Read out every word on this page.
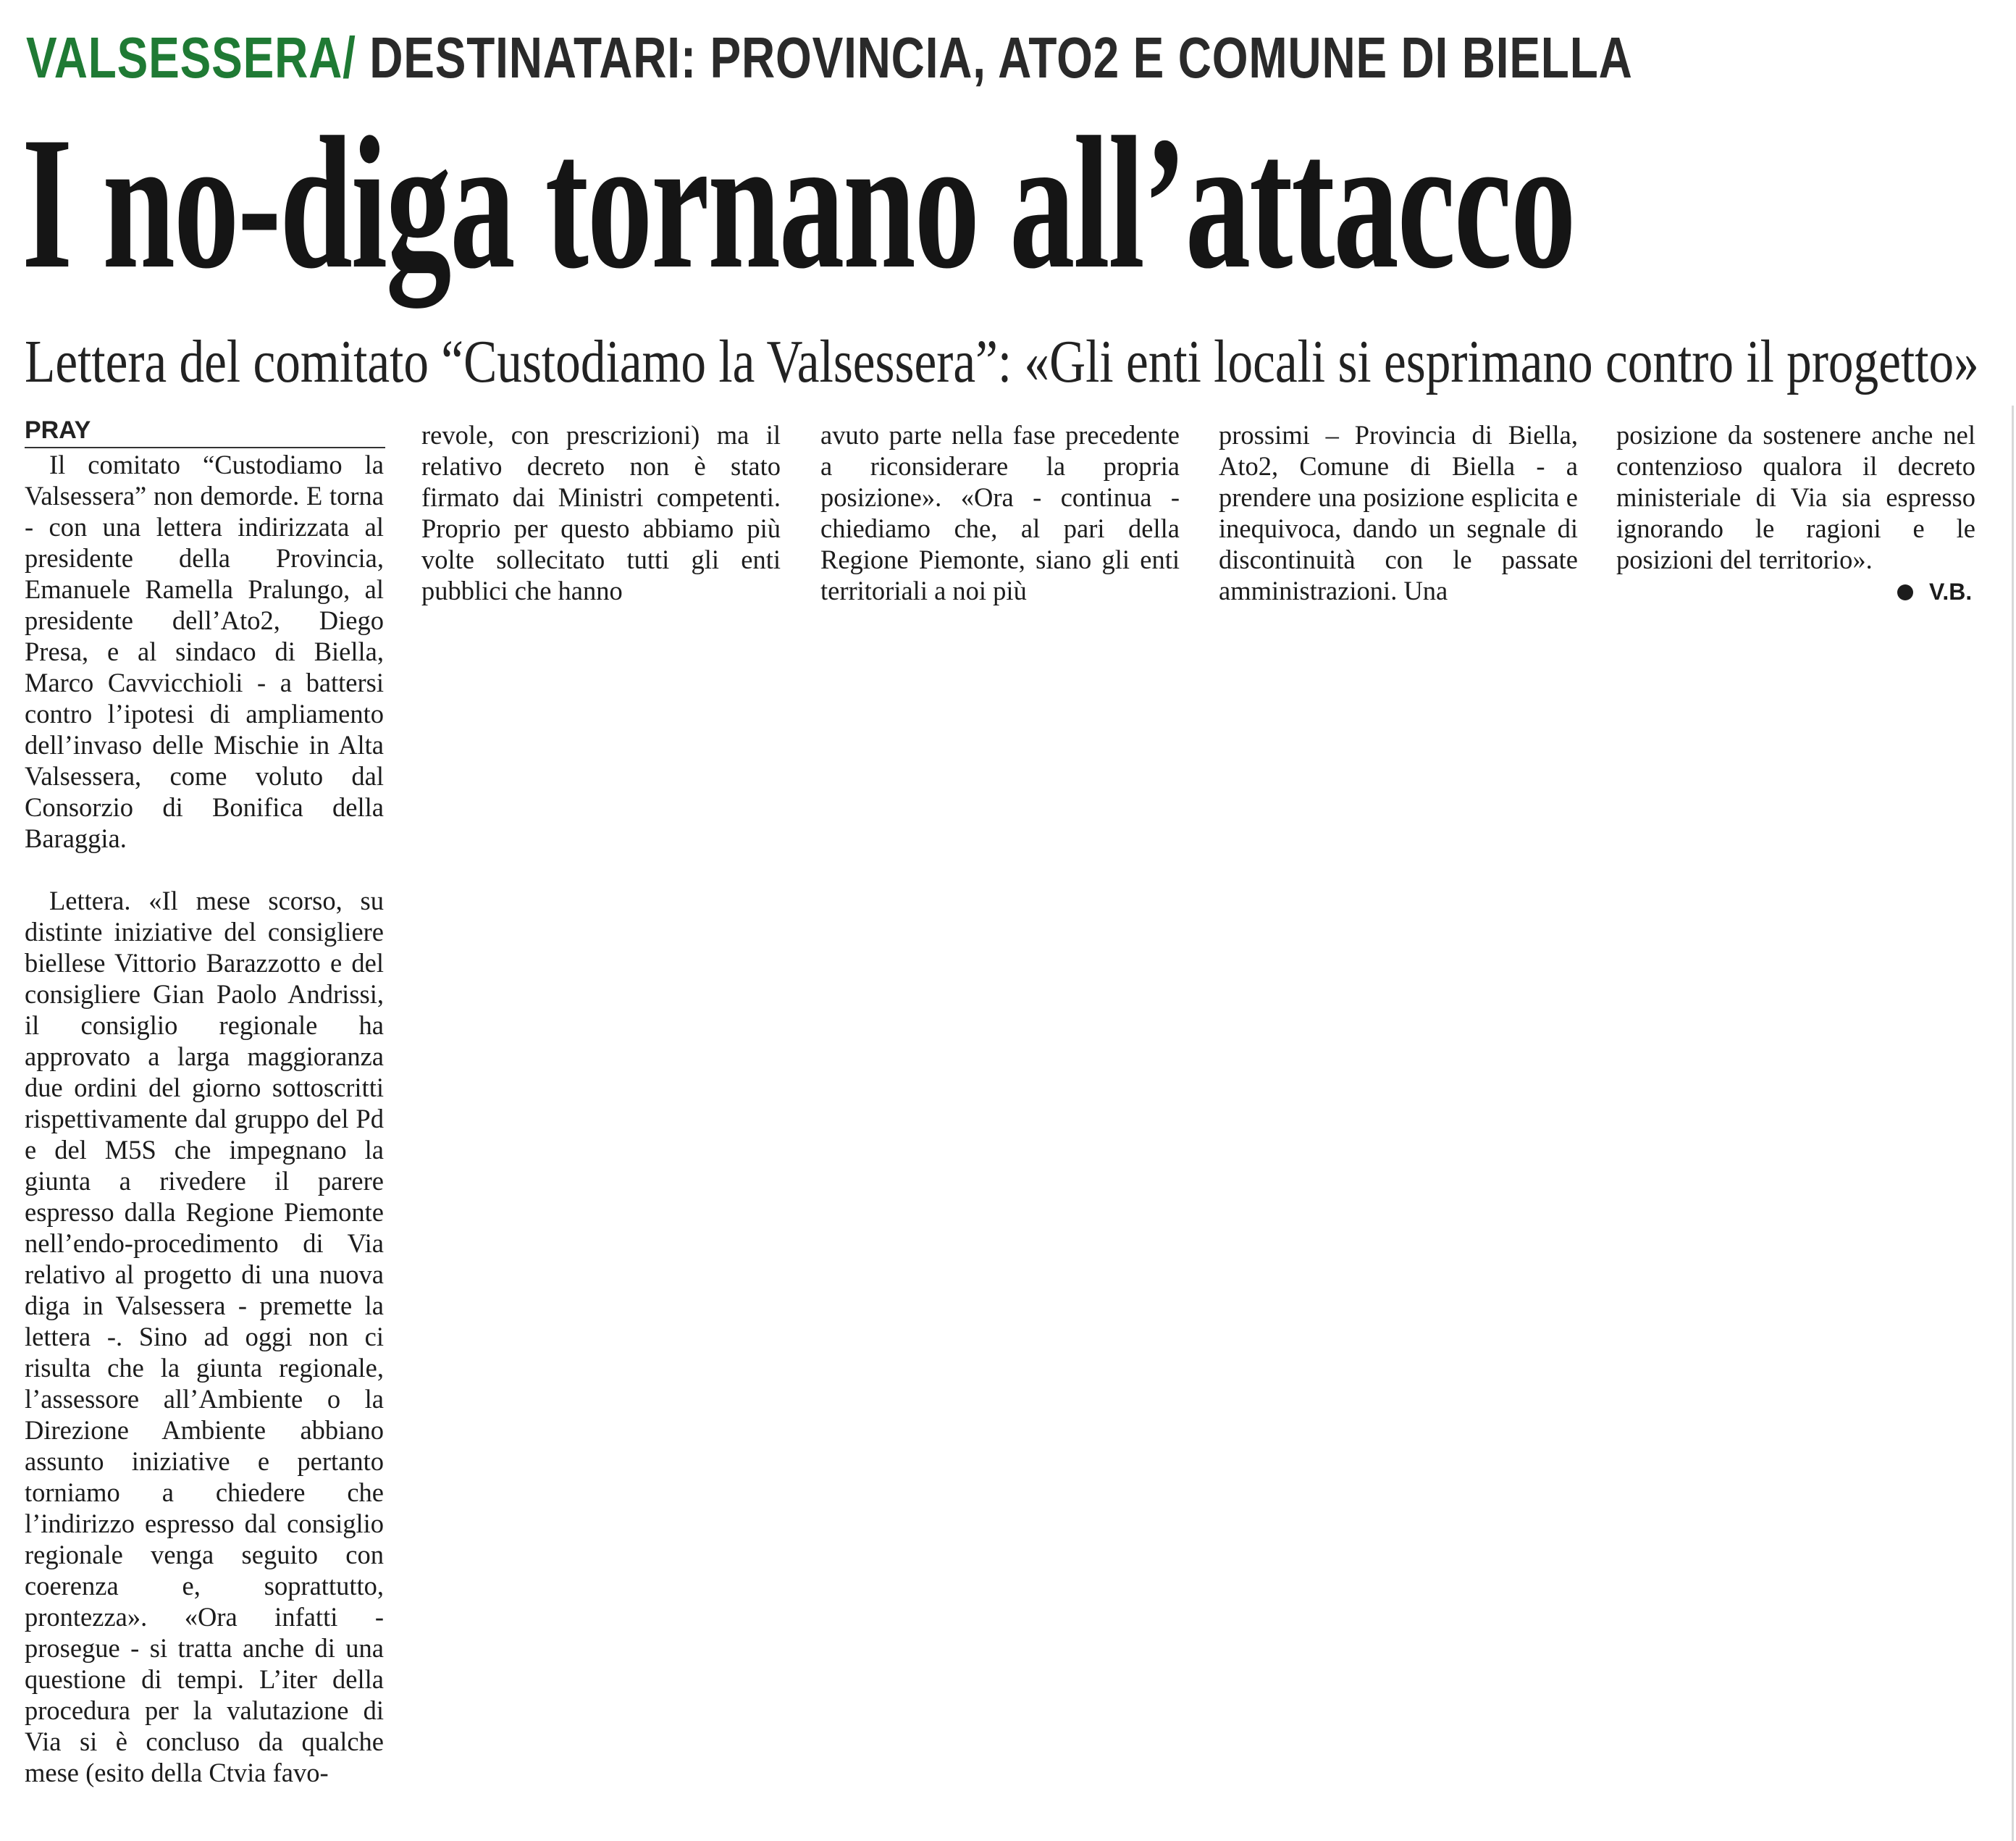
VALSESSERA/ DESTINATARI: PROVINCIA, ATO2 E COMUNE DI BIELLA
I no-diga tornano all’attacco
Lettera del comitato “Custodiamo la Valsessera”: «Gli enti locali si esprimano contro il progetto»
PRAY

Il comitato “Custodiamo la Valsessera” non demorde. E torna - con una lettera indirizzata al presidente della Provincia, Emanuele Ramella Pralungo, al presidente dell’Ato2, Diego Presa, e al sindaco di Biella, Marco Cavvicchioli - a battersi contro l’ipotesi di ampliamento dell’invaso delle Mischie in Alta Valsessera, come voluto dal Consorzio di Bonifica della Baraggia.

Lettera. «Il mese scorso, su distinte iniziative del consigliere biellese Vittorio Barazzotto e del consigliere Gian Paolo Andrissi, il consiglio regionale ha approvato a larga maggioranza due ordini del giorno sottoscritti rispettivamente dal gruppo del Pd e del M5S che impegnano la giunta a rivedere il parere espresso dalla Regione Piemonte nell’endo-procedimento di Via relativo al progetto di una nuova diga in Valsessera - premette la lettera -. Sino ad oggi non ci risulta che la giunta regionale, l’assessore all’Ambiente o la Direzione Ambiente abbiano assunto iniziative e pertanto torniamo a chiedere che l’indirizzo espresso dal consiglio regionale venga seguito con coerenza e, soprattutto, prontezza». «Ora infatti - prosegue - si tratta anche di una questione di tempi. L’iter della procedura per la valutazione di Via si è concluso da qualche mese (esito della Ctvia favo-

revole, con prescrizioni) ma il relativo decreto non è stato firmato dai Ministri competenti. Proprio per questo abbiamo più volte sollecitato tutti gli enti pubblici che hanno

avuto parte nella fase precedente a riconsiderare la propria posizione». «Ora - continua - chiediamo che, al pari della Regione Piemonte, siano gli enti territoriali a noi più

prossimi – Provincia di Biella, Ato2, Comune di Biella - a prendere una posizione esplicita e inequivoca, dando un segnale di discontinuità con le passate amministrazioni. Una

posizione da sostenere anche nel contenzioso qualora il decreto ministeriale di Via sia espresso ignorando le ragioni e le posizioni del territorio».

V.B.
